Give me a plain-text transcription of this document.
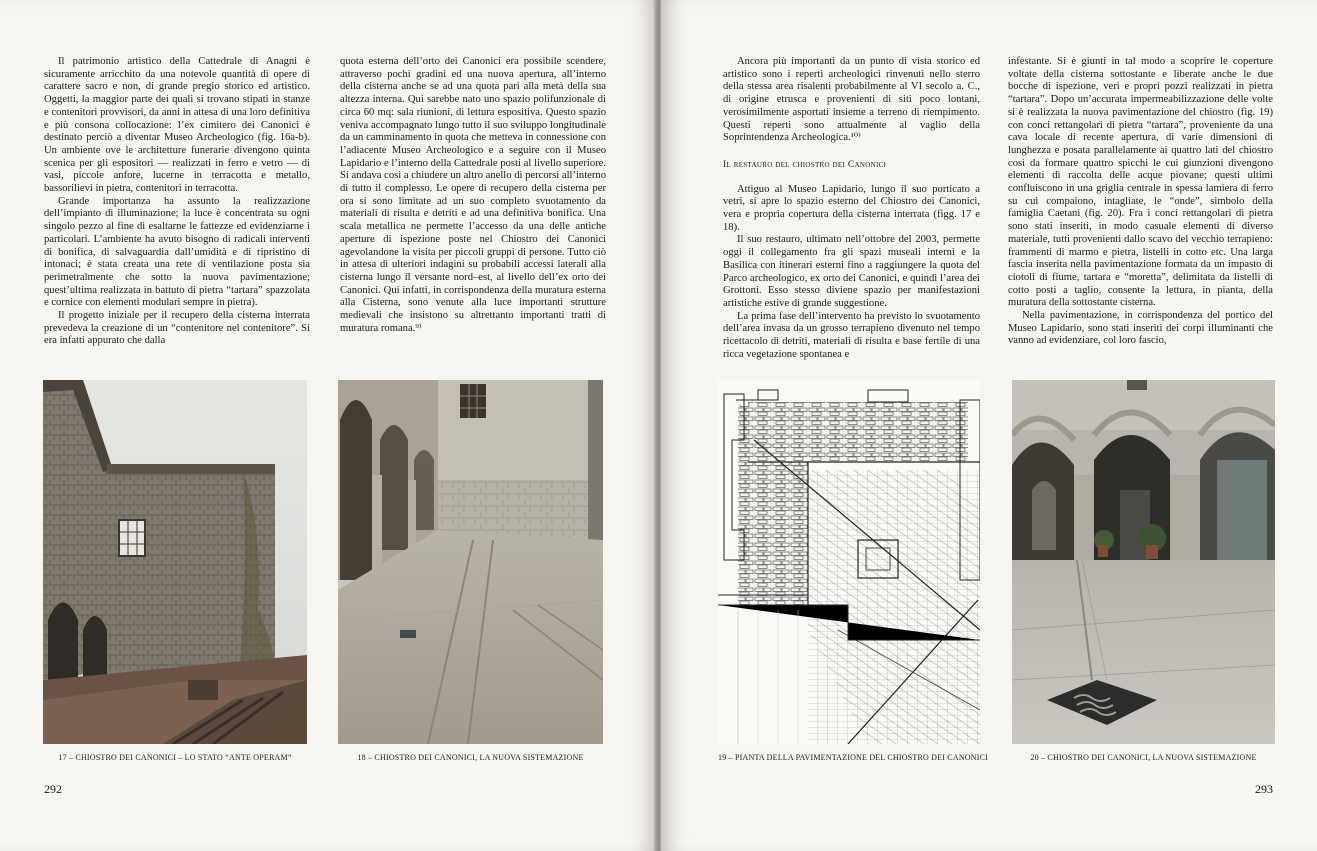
Il patrimonio artistico della Cattedrale di Anagni è sicuramente arricchito da una notevole quantità di opere di carattere sacro e non, di grande pregio storico ed artistico. Oggetti, la maggior parte dei quali si trovano stipati in stanze e contenitori provvisori, da anni in attesa di una loro definitiva e più consona collocazione: l’ex cimitero dei Canonici è destinato perciò a diventar Museo Archeologico (fig. 16a-b). Un ambiente ove le architetture funerarie divengono quinta scenica per gli espositori — realizzati in ferro e vetro — di vasi, piccole anfore, lucerne in terracotta e metallo, bassorilievi in pietra, contenitori in terracotta.

Grande importanza ha assunto la realizzazione dell’impianto di illuminazione; la luce è concentrata su ogni singolo pezzo al fine di esaltarne le fattezze ed evidenziarne i particolari. L’ambiente ha avuto bisogno di radicali interventi di bonifica, di salvaguardia dall’umidità e di ripristino di intonaci; è stata creata una rete di ventilazione posta sia perimetralmente che sotto la nuova pavimentazione; quest’ultima realizzata in battuto di pietra “tartara” spazzolata e cornice con elementi modulari sempre in pietra).

Il progetto iniziale per il recupero della cisterna interrata prevedeva la creazione di un “contenitore nel contenitore”. Si era infatti appurato che dalla

quota esterna dell’orto dei Canonici era possibile scendere, attraverso pochi gradini ed una nuova apertura, all’interno della cisterna anche se ad una quota pari alla metà della sua altezza interna. Qui sarebbe nato uno spazio polifunzionale di circa 60 mq: sala riunioni, di lettura espositiva. Questo spazio veniva accompagnato lungo tutto il suo sviluppo longitudinale da un camminamento in quota che metteva in connessione con l’adiacente Museo Archeologico e a seguire con il Museo Lapidario e l’interno della Cattedrale posti al livello superiore. Si andava così a chiudere un altro anello di percorsi all’interno di tutto il complesso. Le opere di recupero della cisterna per ora si sono limitate ad un suo completo svuotamento da materiali di risulta e detriti e ad una definitiva bonifica. Una scala metallica ne permette l’accesso da una delle antiche aperture di ispezione poste nel Chiostro dei Canonici agevolandone la visita per piccoli gruppi di persone. Tutto ciò in attesa di ulteriori indagini su probabili accessi laterali alla cisterna lungo il versante nord–est, al livello dell’ex orto dei Canonici. Qui infatti, in corrispondenza della muratura esterna alla Cisterna, sono venute alla luce importanti strutture medievali che insistono su altrettanto importanti tratti di muratura romana.⁹⁾

17 – CHIOSTRO DEI CANONICI – LO STATO “ANTE OPERAM”	18 – CHIOSTRO DEI CANONICI, LA NUOVA SISTEMAZIONE
292

Ancora più importanti da un punto di vista storico ed artistico sono i reperti archeologici rinvenuti nello sterro della stessa area risalenti probabilmente al VI secolo a. C., di origine etrusca e provenienti di siti poco lontani, verosimilmente asportati insieme a terreno di riempimento. Questi reperti sono attualmente al vaglio della Soprintendenza Archeologica.¹⁰⁾

Il restauro del chiostro dei Canonici

Attiguo al Museo Lapidario, lungo il suo porticato a vetri, si apre lo spazio esterno del Chiostro dei Canonici, vera e propria copertura della cisterna interrata (figg. 17 e 18).

Il suo restauro, ultimato nell’ottobre del 2003, permette oggi il collegamento fra gli spazi museali interni e la Basilica con itinerari esterni fino a raggiungere la quota del Parco archeologico, ex orto dei Canonici, e quindi l’area dei Grottoni. Esso stesso diviene spazio per manifestazioni artistiche estive di grande suggestione.

La prima fase dell’intervento ha previsto lo svuotamento dell’area invasa da un grosso terrapieno divenuto nel tempo ricettacolo di detriti, materiali di risulta e base fertile di una ricca vegetazione spontanea e

infestante. Si è giunti in tal modo a scoprire le coperture voltate della cisterna sottostante e liberate anche le due bocche di ispezione, veri e propri pozzi realizzati in pietra “tartara”. Dopo un’accurata impermeabilizzazione delle volte si è realizzata la nuova pavimentazione del chiostro (fig. 19) con conci rettangolari di pietra “tartara”, proveniente da una cava locale di recente apertura, di varie dimensioni di lunghezza e posata parallelamente ai quattro lati del chiostro così da formare quattro spicchi le cui giunzioni divengono elementi di raccolta delle acque piovane; questi ultimi confluiscono in una griglia centrale in spessa lamiera di ferro su cui compaiono, intagliate, le “onde”, simbolo della famiglia Caetani (fig. 20). Fra i conci rettangolari di pietra sono stati inseriti, in modo casuale elementi di diverso materiale, tutti provenienti dallo scavo del vecchio terrapieno: frammenti di marmo e pietra, listelli in cotto etc. Una larga fascia inserita nella pavimentazione formata da un impasto di ciotoli di fiume, tartara e “moretta”, delimitata da listelli di cotto posti a taglio, consente la lettura, in pianta, della muratura della sottostante cisterna.

Nella pavimentazione, in corrispondenza del portico del Museo Lapidario, sono stati inseriti dei corpi illuminanti che vanno ad evidenziare, col loro fascio,

19 – PIANTA DELLA PAVIMENTAZIONE DEL CHIOSTRO DEI CANONICI	20 – CHIOSTRO DEI CANONICI, LA NUOVA SISTEMAZIONE
293
